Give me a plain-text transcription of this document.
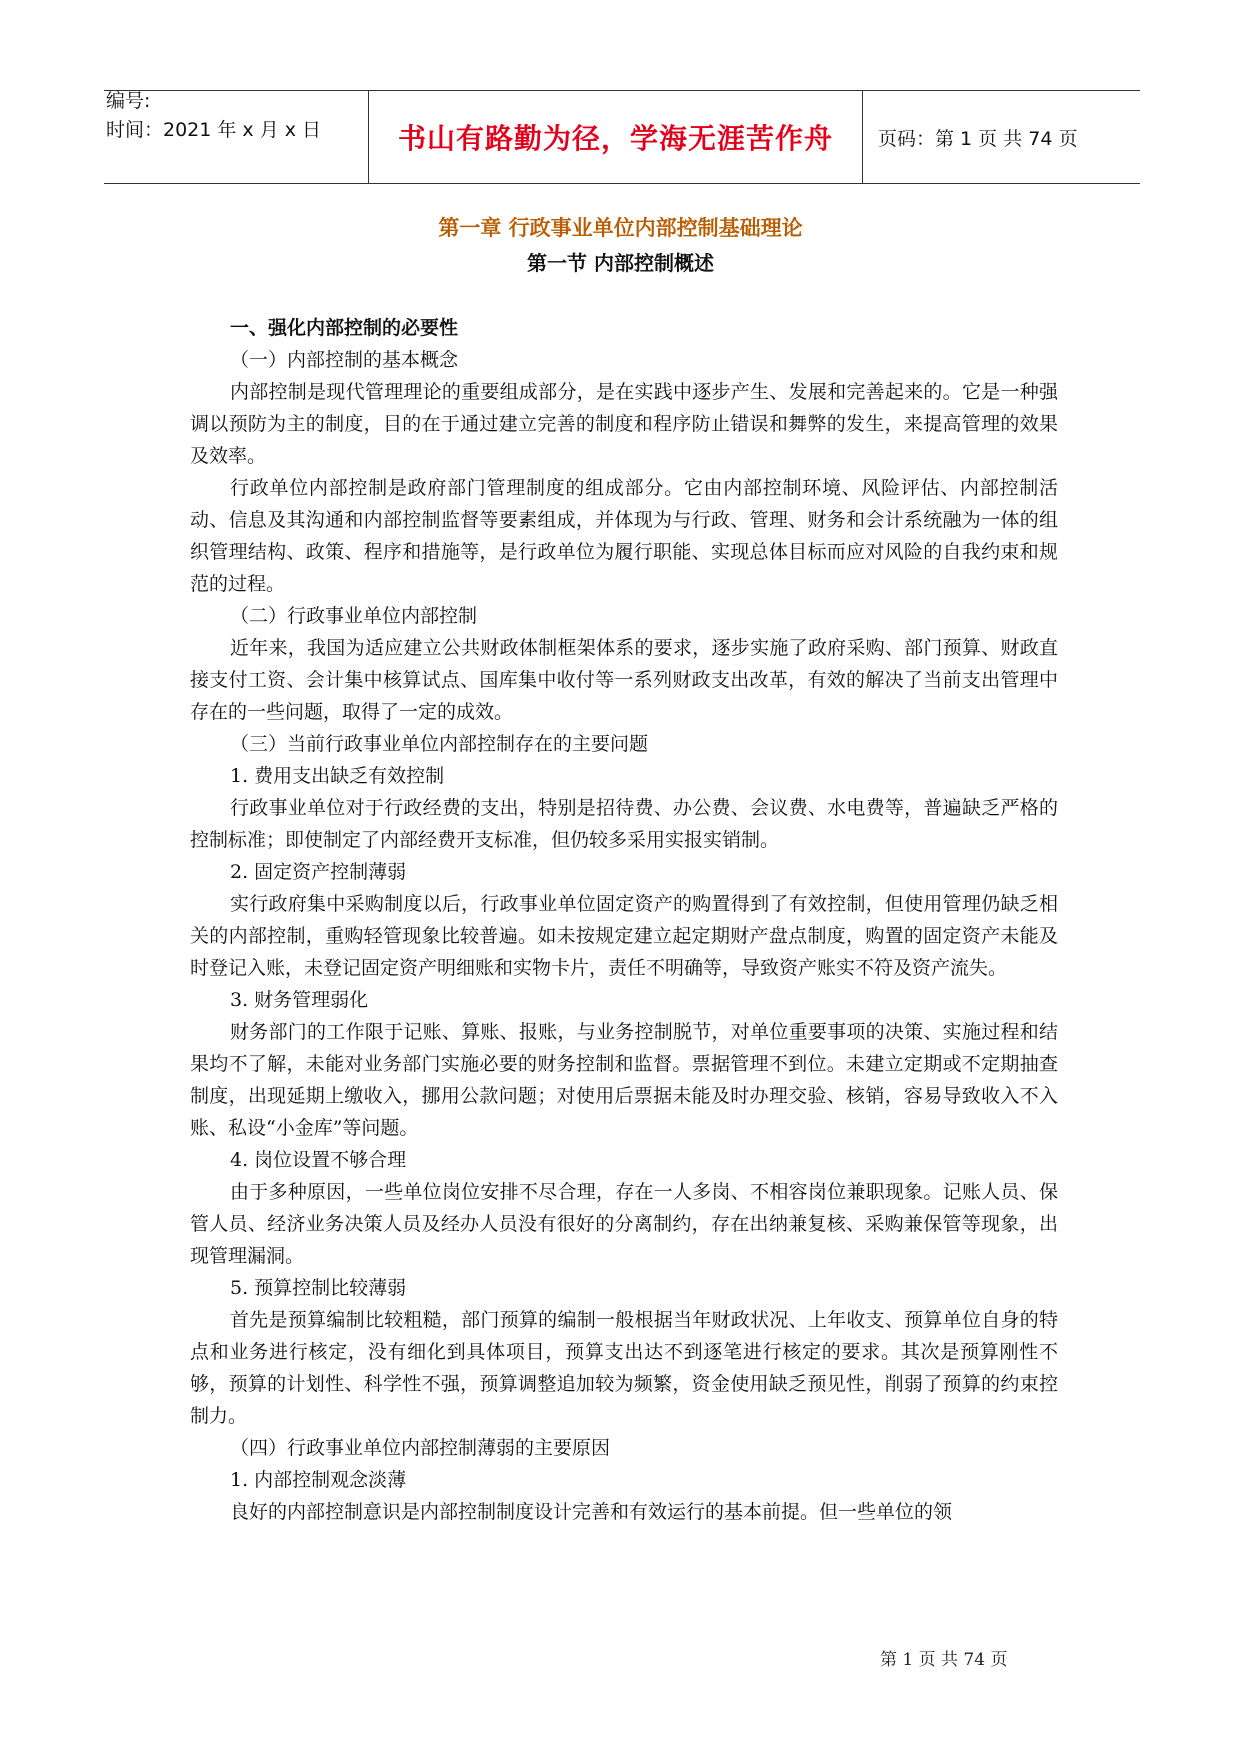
编号:
时间：2021 年 x 月 x 日	书山有路勤为径，学海无涯苦作舟	页码：第 1 页 共 74 页
第一章 行政事业单位内部控制基础理论
第一节 内部控制概述
一、强化内部控制的必要性
（一）内部控制的基本概念

内部控制是现代管理理论的重要组成部分，是在实践中逐步产生、发展和完善起来的。它是一种强调以预防为主的制度，目的在于通过建立完善的制度和程序防止错误和舞弊的发生，来提高管理的效果及效率。

行政单位内部控制是政府部门管理制度的组成部分。它由内部控制环境、风险评估、内部控制活动、信息及其沟通和内部控制监督等要素组成，并体现为与行政、管理、财务和会计系统融为一体的组织管理结构、政策、程序和措施等，是行政单位为履行职能、实现总体目标而应对风险的自我约束和规范的过程。

（二）行政事业单位内部控制

近年来，我国为适应建立公共财政体制框架体系的要求，逐步实施了政府采购、部门预算、财政直接支付工资、会计集中核算试点、国库集中收付等一系列财政支出改革，有效的解决了当前支出管理中存在的一些问题，取得了一定的成效。

（三）当前行政事业单位内部控制存在的主要问题
1. 费用支出缺乏有效控制

行政事业单位对于行政经费的支出，特别是招待费、办公费、会议费、水电费等，普遍缺乏严格的控制标准；即使制定了内部经费开支标准，但仍较多采用实报实销制。

2. 固定资产控制薄弱

实行政府集中采购制度以后，行政事业单位固定资产的购置得到了有效控制，但使用管理仍缺乏相关的内部控制，重购轻管现象比较普遍。如未按规定建立起定期财产盘点制度，购置的固定资产未能及时登记入账，未登记固定资产明细账和实物卡片，责任不明确等，导致资产账实不符及资产流失。

3. 财务管理弱化

财务部门的工作限于记账、算账、报账，与业务控制脱节，对单位重要事项的决策、实施过程和结果均不了解，未能对业务部门实施必要的财务控制和监督。票据管理不到位。未建立定期或不定期抽查制度，出现延期上缴收入，挪用公款问题；对使用后票据未能及时办理交验、核销，容易导致收入不入账、私设“小金库”等问题。

4. 岗位设置不够合理

由于多种原因，一些单位岗位安排不尽合理，存在一人多岗、不相容岗位兼职现象。记账人员、保管人员、经济业务决策人员及经办人员没有很好的分离制约，存在出纳兼复核、采购兼保管等现象，出现管理漏洞。

5. 预算控制比较薄弱

首先是预算编制比较粗糙，部门预算的编制一般根据当年财政状况、上年收支、预算单位自身的特点和业务进行核定，没有细化到具体项目，预算支出达不到逐笔进行核定的要求。其次是预算刚性不够，预算的计划性、科学性不强，预算调整追加较为频繁，资金使用缺乏预见性，削弱了预算的约束控制力。

（四）行政事业单位内部控制薄弱的主要原因
1. 内部控制观念淡薄

良好的内部控制意识是内部控制制度设计完善和有效运行的基本前提。但一些单位的领

第 1 页 共 74 页
